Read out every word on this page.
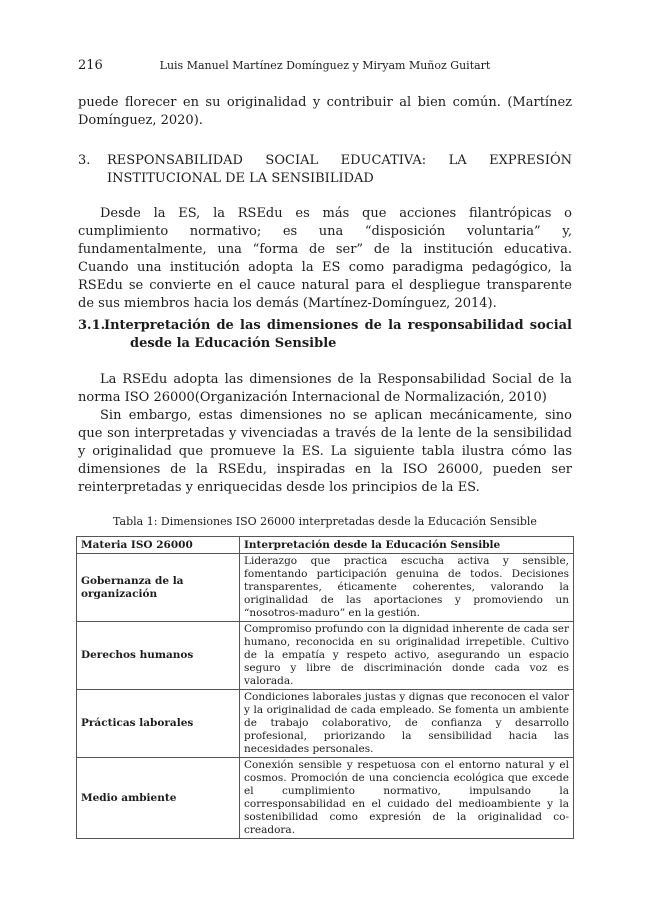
216	Luis Manuel Martínez Domínguez y Miryam Muñoz Guitart

puede florecer en su originalidad y contribuir al bien común. (Martínez Domínguez, 2020).

3. RESPONSABILIDAD SOCIAL EDUCATIVA: LA EXPRESIÓN INSTITUCIONAL DE LA SENSIBILIDAD

Desde la ES, la RSEdu es más que acciones filantrópicas o cumplimiento normativo; es una “disposición voluntaria” y, fundamentalmente, una “forma de ser” de la institución educativa. Cuando una institución adopta la ES como paradigma pedagógico, la RSEdu se convierte en el cauce natural para el despliegue transparente de sus miembros hacia los demás (Martínez-Domínguez, 2014).

3.1.
Interpretación de las dimensiones de la responsabilidad social desde la Educación Sensible

La RSEdu adopta las dimensiones de la Responsabilidad Social de la norma ISO 26000(Organización Internacional de Normalización, 2010)

Sin embargo, estas dimensiones no se aplican mecánicamente, sino que son interpretadas y vivenciadas a través de la lente de la sensibilidad y originalidad que promueve la ES. La siguiente tabla ilustra cómo las dimensiones de la RSEdu, inspiradas en la ISO 26000, pueden ser reinterpretadas y enriquecidas desde los principios de la ES.

Tabla 1: Dimensiones ISO 26000 interpretadas desde la Educación Sensible
Materia ISO 26000	Interpretación desde la Educación Sensible
Gobernanza de la organización	Liderazgo que practica escucha activa y sensible, fomentando participación genuina de todos. Decisiones transparentes, éticamente coherentes, valorando la originalidad de las aportaciones y promoviendo un “nosotros-maduro” en la gestión.
Derechos humanos	Compromiso profundo con la dignidad inherente de cada ser humano, reconocida en su originalidad irrepetible. Cultivo de la empatía y respeto activo, asegurando un espacio seguro y libre de discriminación donde cada voz es valorada.
Prácticas laborales	Condiciones laborales justas y dignas que reconocen el valor y la originalidad de cada empleado. Se fomenta un ambiente de trabajo colaborativo, de confianza y desarrollo profesional, priorizando la sensibilidad hacia las necesidades personales.
Medio ambiente	Conexión sensible y respetuosa con el entorno natural y el cosmos. Promoción de una conciencia ecológica que excede el cumplimiento normativo, impulsando la corresponsabilidad en el cuidado del medioambiente y la sostenibilidad como expresión de la originalidad co-creadora.
